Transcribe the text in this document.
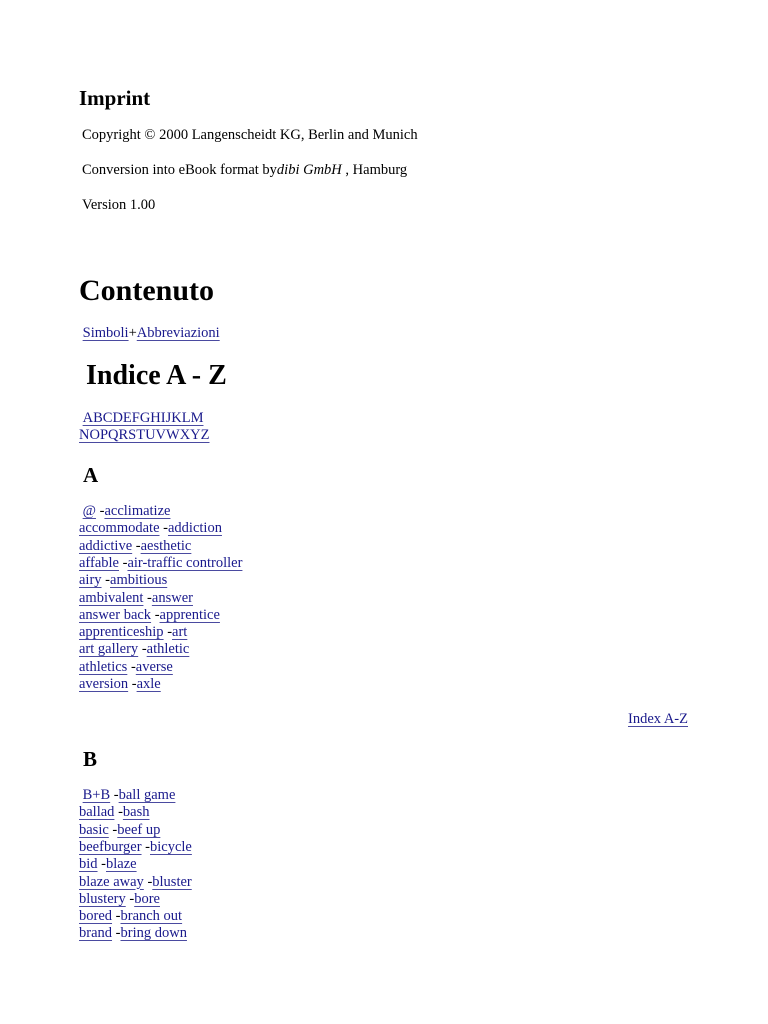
Imprint
Copyright © 2000 Langenscheidt KG, Berlin and Munich
Conversion into eBook format bydibi GmbH , Hamburg
Version 1.00
Contenuto
Simboli+Abbreviazioni
Indice A - Z
ABCDEFGHIJKLM
NOPQRSTUVWXYZ
A
@ -acclimatize
accommodate -addiction
addictive -aesthetic
affable -air-traffic controller
airy -ambitious
ambivalent -answer
answer back -apprentice
apprenticeship -art
art gallery -athletic
athletics -averse
aversion -axle
Index A-Z
B
B+B -ball game
ballad -bash
basic -beef up
beefburger -bicycle
bid -blaze
blaze away -bluster
blustery -bore
bored -branch out
brand -bring down
